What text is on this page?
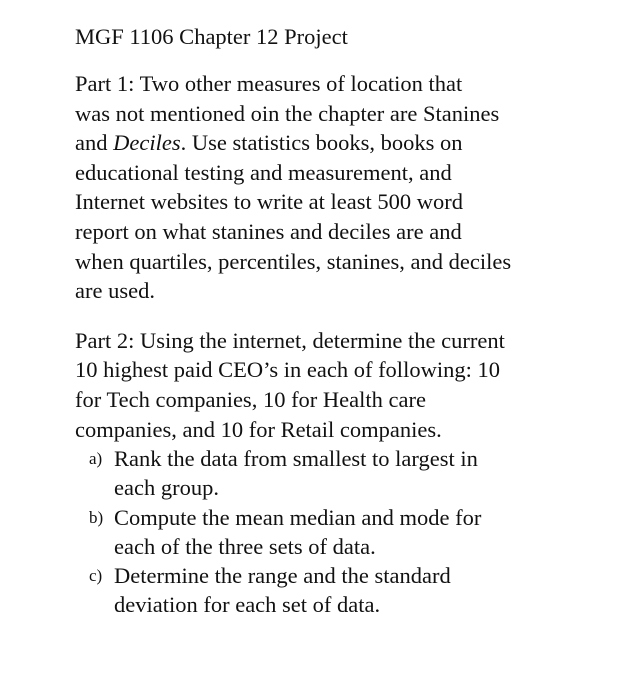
MGF 1106 Chapter 12 Project
Part 1: Two other measures of location that
was not mentioned oin the chapter are Stanines
and Deciles. Use statistics books, books on
educational testing and measurement, and
Internet websites to write at least 500 word
report on what stanines and deciles are and
when quartiles, percentiles, stanines, and deciles
are used.
Part 2: Using the internet, determine the current
10 highest paid CEO’s in each of following: 10
for Tech companies, 10 for Health care
companies, and 10 for Retail companies.
a) Rank the data from smallest to largest in
each group.
b) Compute the mean median and mode for
each of the three sets of data.
c) Determine the range and the standard
deviation for each set of data.
